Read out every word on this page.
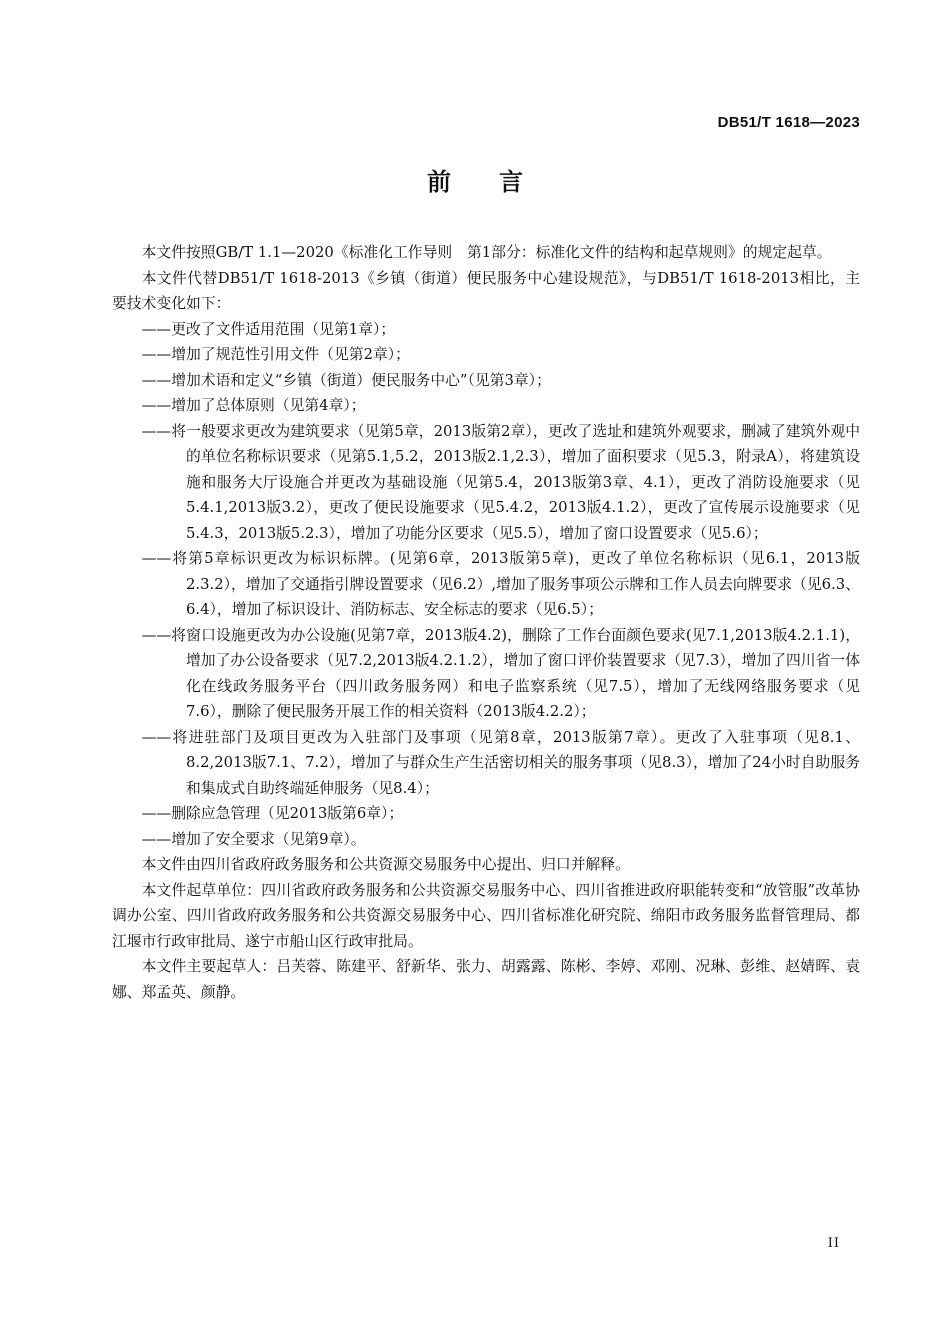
DB51/T 1618—2023
前言

本文件按照GB/T 1.1—2020《标准化工作导则　第1部分：标准化文件的结构和起草规则》的规定起草。

本文件代替DB51/T 1618-2013《乡镇（街道）便民服务中心建设规范》，与DB51/T 1618-2013相比，主要技术变化如下：

——更改了文件适用范围（见第1章）；

——增加了规范性引用文件（见第2章）；

——增加术语和定义“乡镇（街道）便民服务中心”（见第3章）；

——增加了总体原则（见第4章）；

——将一般要求更改为建筑要求（见第5章，2013版第2章），更改了选址和建筑外观要求，删减了建筑外观中的单位名称标识要求（见第5.1,5.2，2013版2.1,2.3），增加了面积要求（见5.3，附录A），将建筑设施和服务大厅设施合并更改为基础设施（见第5.4，2013版第3章、4.1），更改了消防设施要求（见5.4.1,2013版3.2），更改了便民设施要求（见5.4.2，2013版4.1.2），更改了宣传展示设施要求（见5.4.3，2013版5.2.3），增加了功能分区要求（见5.5），增加了窗口设置要求（见5.6）；

——将第5章标识更改为标识标牌。(见第6章，2013版第5章)，更改了单位名称标识（见6.1，2013版2.3.2），增加了交通指引牌设置要求（见6.2）,增加了服务事项公示牌和工作人员去向牌要求（见6.3、6.4），增加了标识设计、消防标志、安全标志的要求（见6.5）；

——将窗口设施更改为办公设施(见第7章，2013版4.2)，删除了工作台面颜色要求(见7.1,2013版4.2.1.1)，增加了办公设备要求（见7.2,2013版4.2.1.2），增加了窗口评价装置要求（见7.3），增加了四川省一体化在线政务服务平台（四川政务服务网）和电子监察系统（见7.5），增加了无线网络服务要求（见7.6），删除了便民服务开展工作的相关资料（2013版4.2.2）；

——将进驻部门及项目更改为入驻部门及事项（见第8章，2013版第7章）。更改了入驻事项（见8.1、8.2,2013版7.1、7.2），增加了与群众生产生活密切相关的服务事项（见8.3），增加了24小时自助服务和集成式自助终端延伸服务（见8.4）；

——删除应急管理（见2013版第6章）；

——增加了安全要求（见第9章）。

本文件由四川省政府政务服务和公共资源交易服务中心提出、归口并解释。

本文件起草单位：四川省政府政务服务和公共资源交易服务中心、四川省推进政府职能转变和“放管服”改革协调办公室、四川省政府政务服务和公共资源交易服务中心、四川省标准化研究院、绵阳市政务服务监督管理局、都江堰市行政审批局、遂宁市船山区行政审批局。

本文件主要起草人：吕芙蓉、陈建平、舒新华、张力、胡露露、陈彬、李婷、邓刚、况琳、彭维、赵婧晖、袁娜、郑孟英、颜静。

II
